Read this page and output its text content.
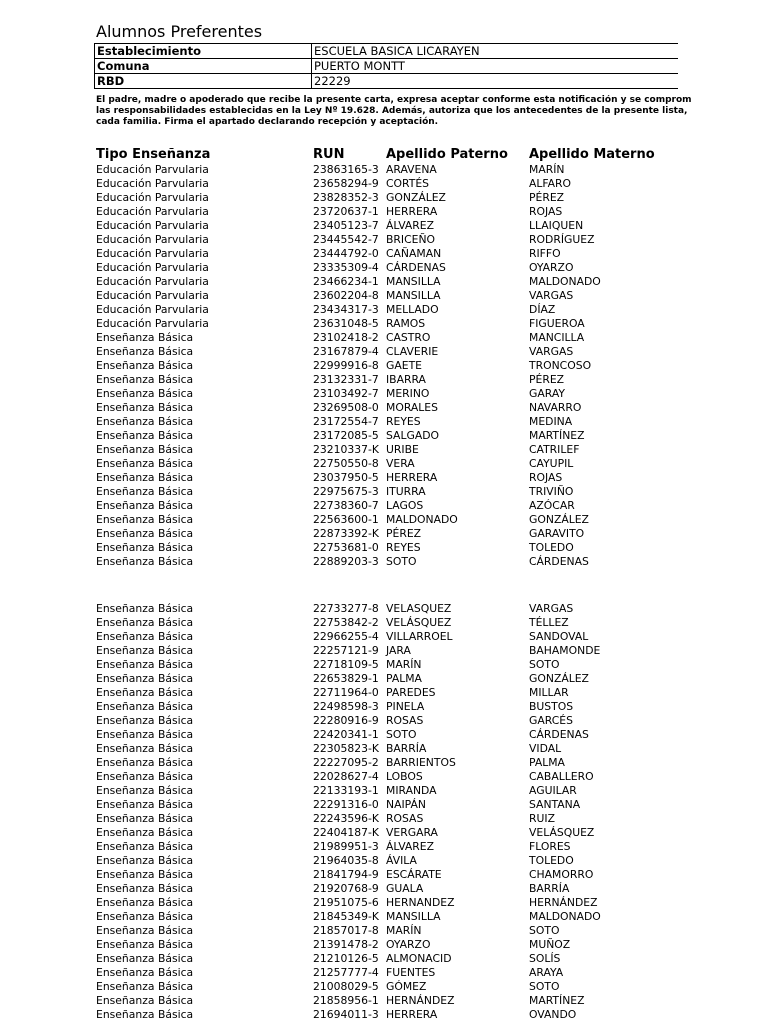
Alumnos Preferentes
Establecimiento	ESCUELA BASICA LICARAYEN
Comuna	PUERTO MONTT
RBD	22229
El padre, madre o apoderado que recibe la presente carta, expresa aceptar conforme esta notificación y se comprom
las responsabilidades establecidas en la Ley Nº 19.628. Además, autoriza que los antecedentes de la presente lista,
cada familia. Firma el apartado declarando recepción y aceptación.
Tipo Enseñanza	RUN	Apellido Paterno Apellido Materno
Educación Parvularia	23863165-3 ARAVENA	MARÍN
Educación Parvularia	23658294-9 CORTÉS	ALFARO
Educación Parvularia	23828352-3 GONZÁLEZ	PÉREZ
Educación Parvularia	23720637-1 HERRERA	ROJAS
Educación Parvularia	23405123-7 ÁLVAREZ	LLAIQUEN
Educación Parvularia	23445542-7 BRICEÑO	RODRÍGUEZ
Educación Parvularia	23444792-0 CAÑAMAN	RIFFO
Educación Parvularia	23335309-4 CÁRDENAS	OYARZO
Educación Parvularia	23466234-1 MANSILLA	MALDONADO
Educación Parvularia	23602204-8 MANSILLA	VARGAS
Educación Parvularia	23434317-3 MELLADO	DÍAZ
Educación Parvularia	23631048-5 RAMOS	FIGUEROA
Enseñanza Básica	23102418-2 CASTRO	MANCILLA
Enseñanza Básica	23167879-4 CLAVERIE	VARGAS
Enseñanza Básica	22999916-8 GAETE	TRONCOSO
Enseñanza Básica	23132331-7 IBARRA	PÉREZ
Enseñanza Básica	23103492-7 MERINO	GARAY
Enseñanza Básica	23269508-0 MORALES	NAVARRO
Enseñanza Básica	23172554-7 REYES	MEDINA
Enseñanza Básica	23172085-5 SALGADO	MARTÍNEZ
Enseñanza Básica	23210337-K URIBE	CATRILEF
Enseñanza Básica	22750550-8 VERA	CAYUPIL
Enseñanza Básica	23037950-5 HERRERA	ROJAS
Enseñanza Básica	22975675-3 ITURRA	TRIVIÑO
Enseñanza Básica	22738360-7 LAGOS	AZÓCAR
Enseñanza Básica	22563600-1 MALDONADO	GONZÁLEZ
Enseñanza Básica	22873392-K PÉREZ	GARAVITO
Enseñanza Básica	22753681-0 REYES	TOLEDO
Enseñanza Básica	22889203-3 SOTO	CÁRDENAS
Enseñanza Básica	22733277-8 VELASQUEZ	VARGAS
Enseñanza Básica	22753842-2 VELÁSQUEZ	TÉLLEZ
Enseñanza Básica	22966255-4 VILLARROEL	SANDOVAL
Enseñanza Básica	22257121-9 JARA	BAHAMONDE
Enseñanza Básica	22718109-5 MARÍN	SOTO
Enseñanza Básica	22653829-1 PALMA	GONZÁLEZ
Enseñanza Básica	22711964-0 PAREDES	MILLAR
Enseñanza Básica	22498598-3 PINELA	BUSTOS
Enseñanza Básica	22280916-9 ROSAS	GARCÉS
Enseñanza Básica	22420341-1 SOTO	CÁRDENAS
Enseñanza Básica	22305823-K BARRÍA	VIDAL
Enseñanza Básica	22227095-2 BARRIENTOS	PALMA
Enseñanza Básica	22028627-4 LOBOS	CABALLERO
Enseñanza Básica	22133193-1 MIRANDA	AGUILAR
Enseñanza Básica	22291316-0 NAIPÁN	SANTANA
Enseñanza Básica	22243596-K ROSAS	RUIZ
Enseñanza Básica	22404187-K VERGARA	VELÁSQUEZ
Enseñanza Básica	21989951-3 ÁLVAREZ	FLORES
Enseñanza Básica	21964035-8 ÁVILA	TOLEDO
Enseñanza Básica	21841794-9 ESCÁRATE	CHAMORRO
Enseñanza Básica	21920768-9 GUALA	BARRÍA
Enseñanza Básica	21951075-6 HERNANDEZ	HERNÁNDEZ
Enseñanza Básica	21845349-K MANSILLA	MALDONADO
Enseñanza Básica	21857017-8 MARÍN	SOTO
Enseñanza Básica	21391478-2 OYARZO	MUÑOZ
Enseñanza Básica	21210126-5 ALMONACID	SOLÍS
Enseñanza Básica	21257777-4 FUENTES	ARAYA
Enseñanza Básica	21008029-5 GÓMEZ	SOTO
Enseñanza Básica	21858956-1 HERNÁNDEZ	MARTÍNEZ
Enseñanza Básica	21694011-3 HERRERA	OVANDO
